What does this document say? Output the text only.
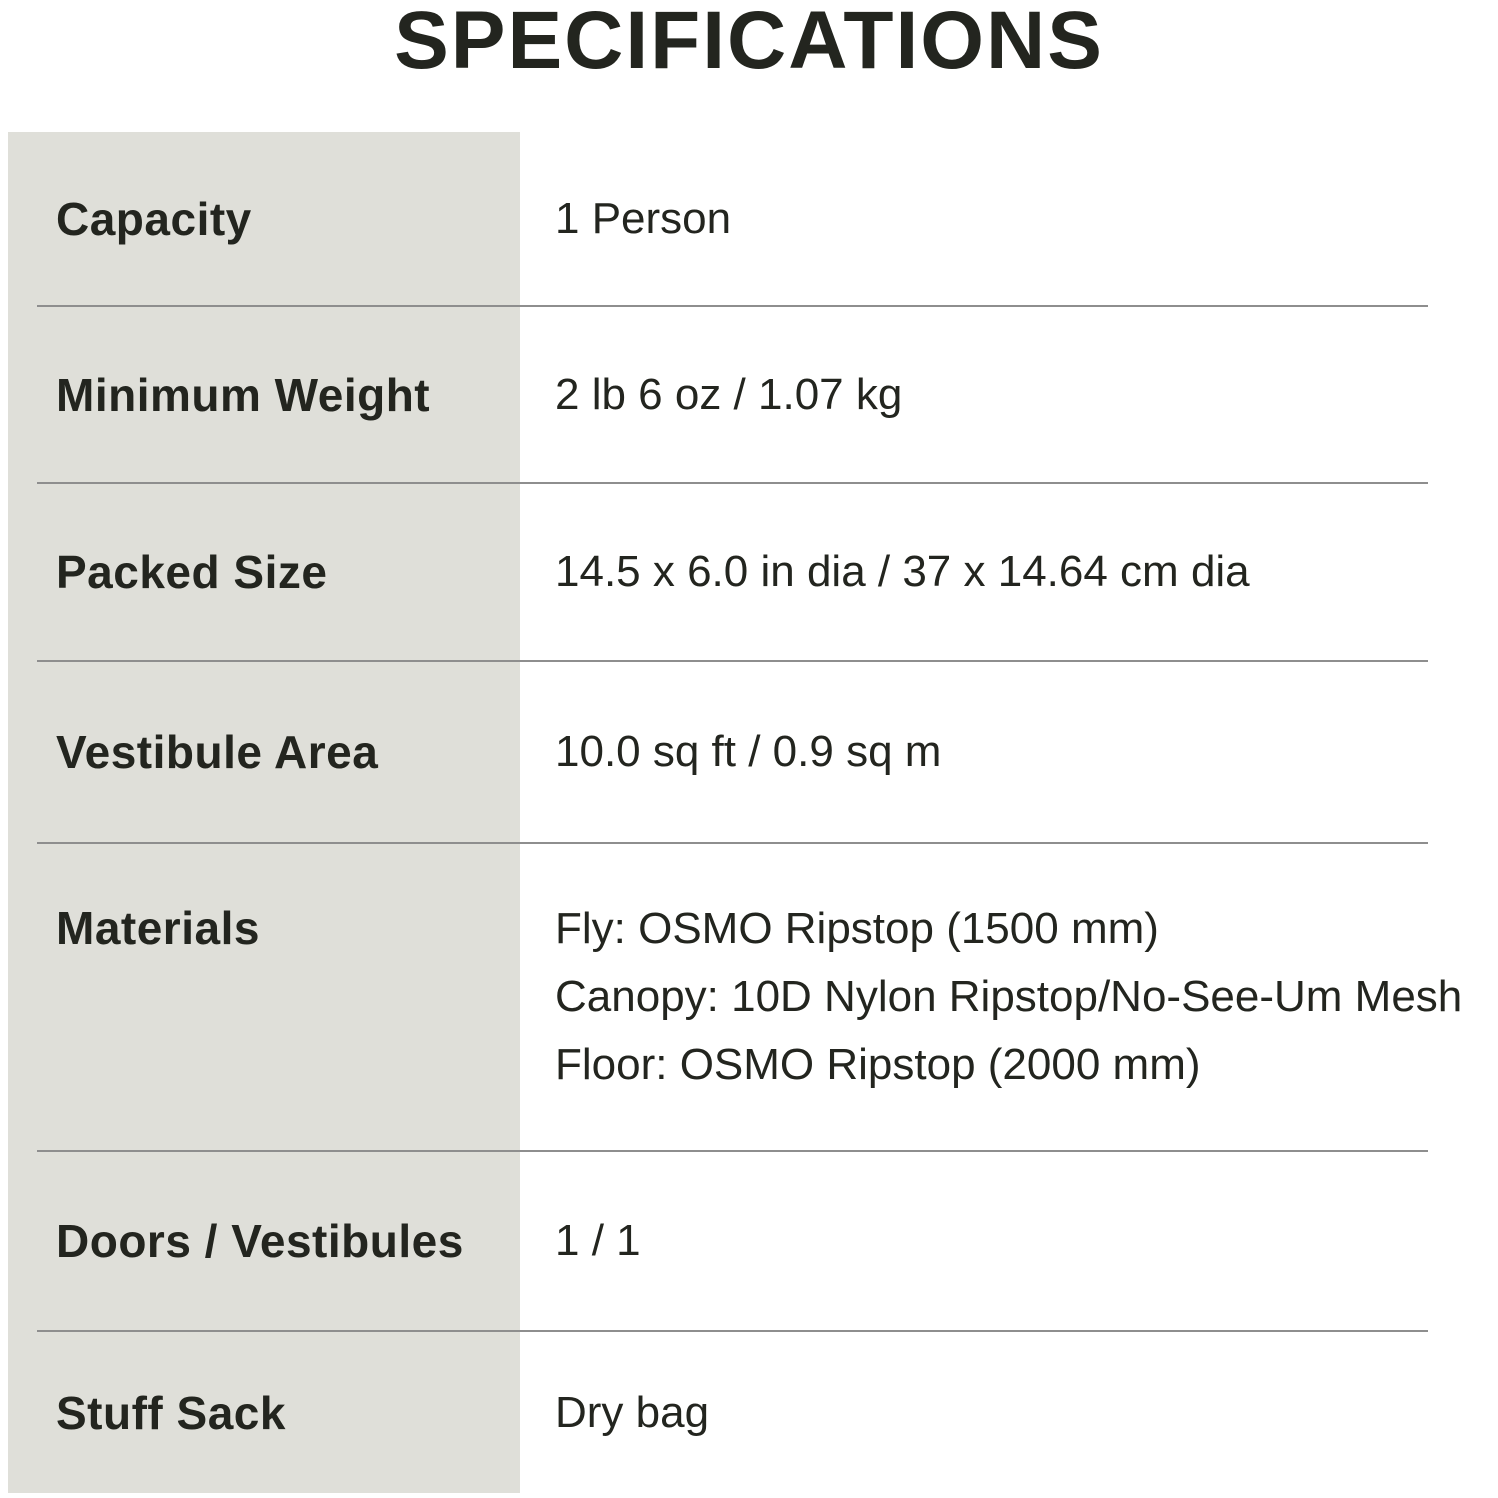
SPECIFICATIONS
Capacity	1 Person
Minimum Weight	2 lb 6 oz / 1.07 kg
Packed Size	14.5 x 6.0 in dia / 37 x 14.64 cm dia
Vestibule Area	10.0 sq ft / 0.9 sq m
Materials	Fly: OSMO Ripstop (1500 mm)
Canopy: 10D Nylon Ripstop/No-See-Um Mesh
Floor: OSMO Ripstop (2000 mm)
Doors / Vestibules	1 / 1
Stuff Sack	Dry bag
